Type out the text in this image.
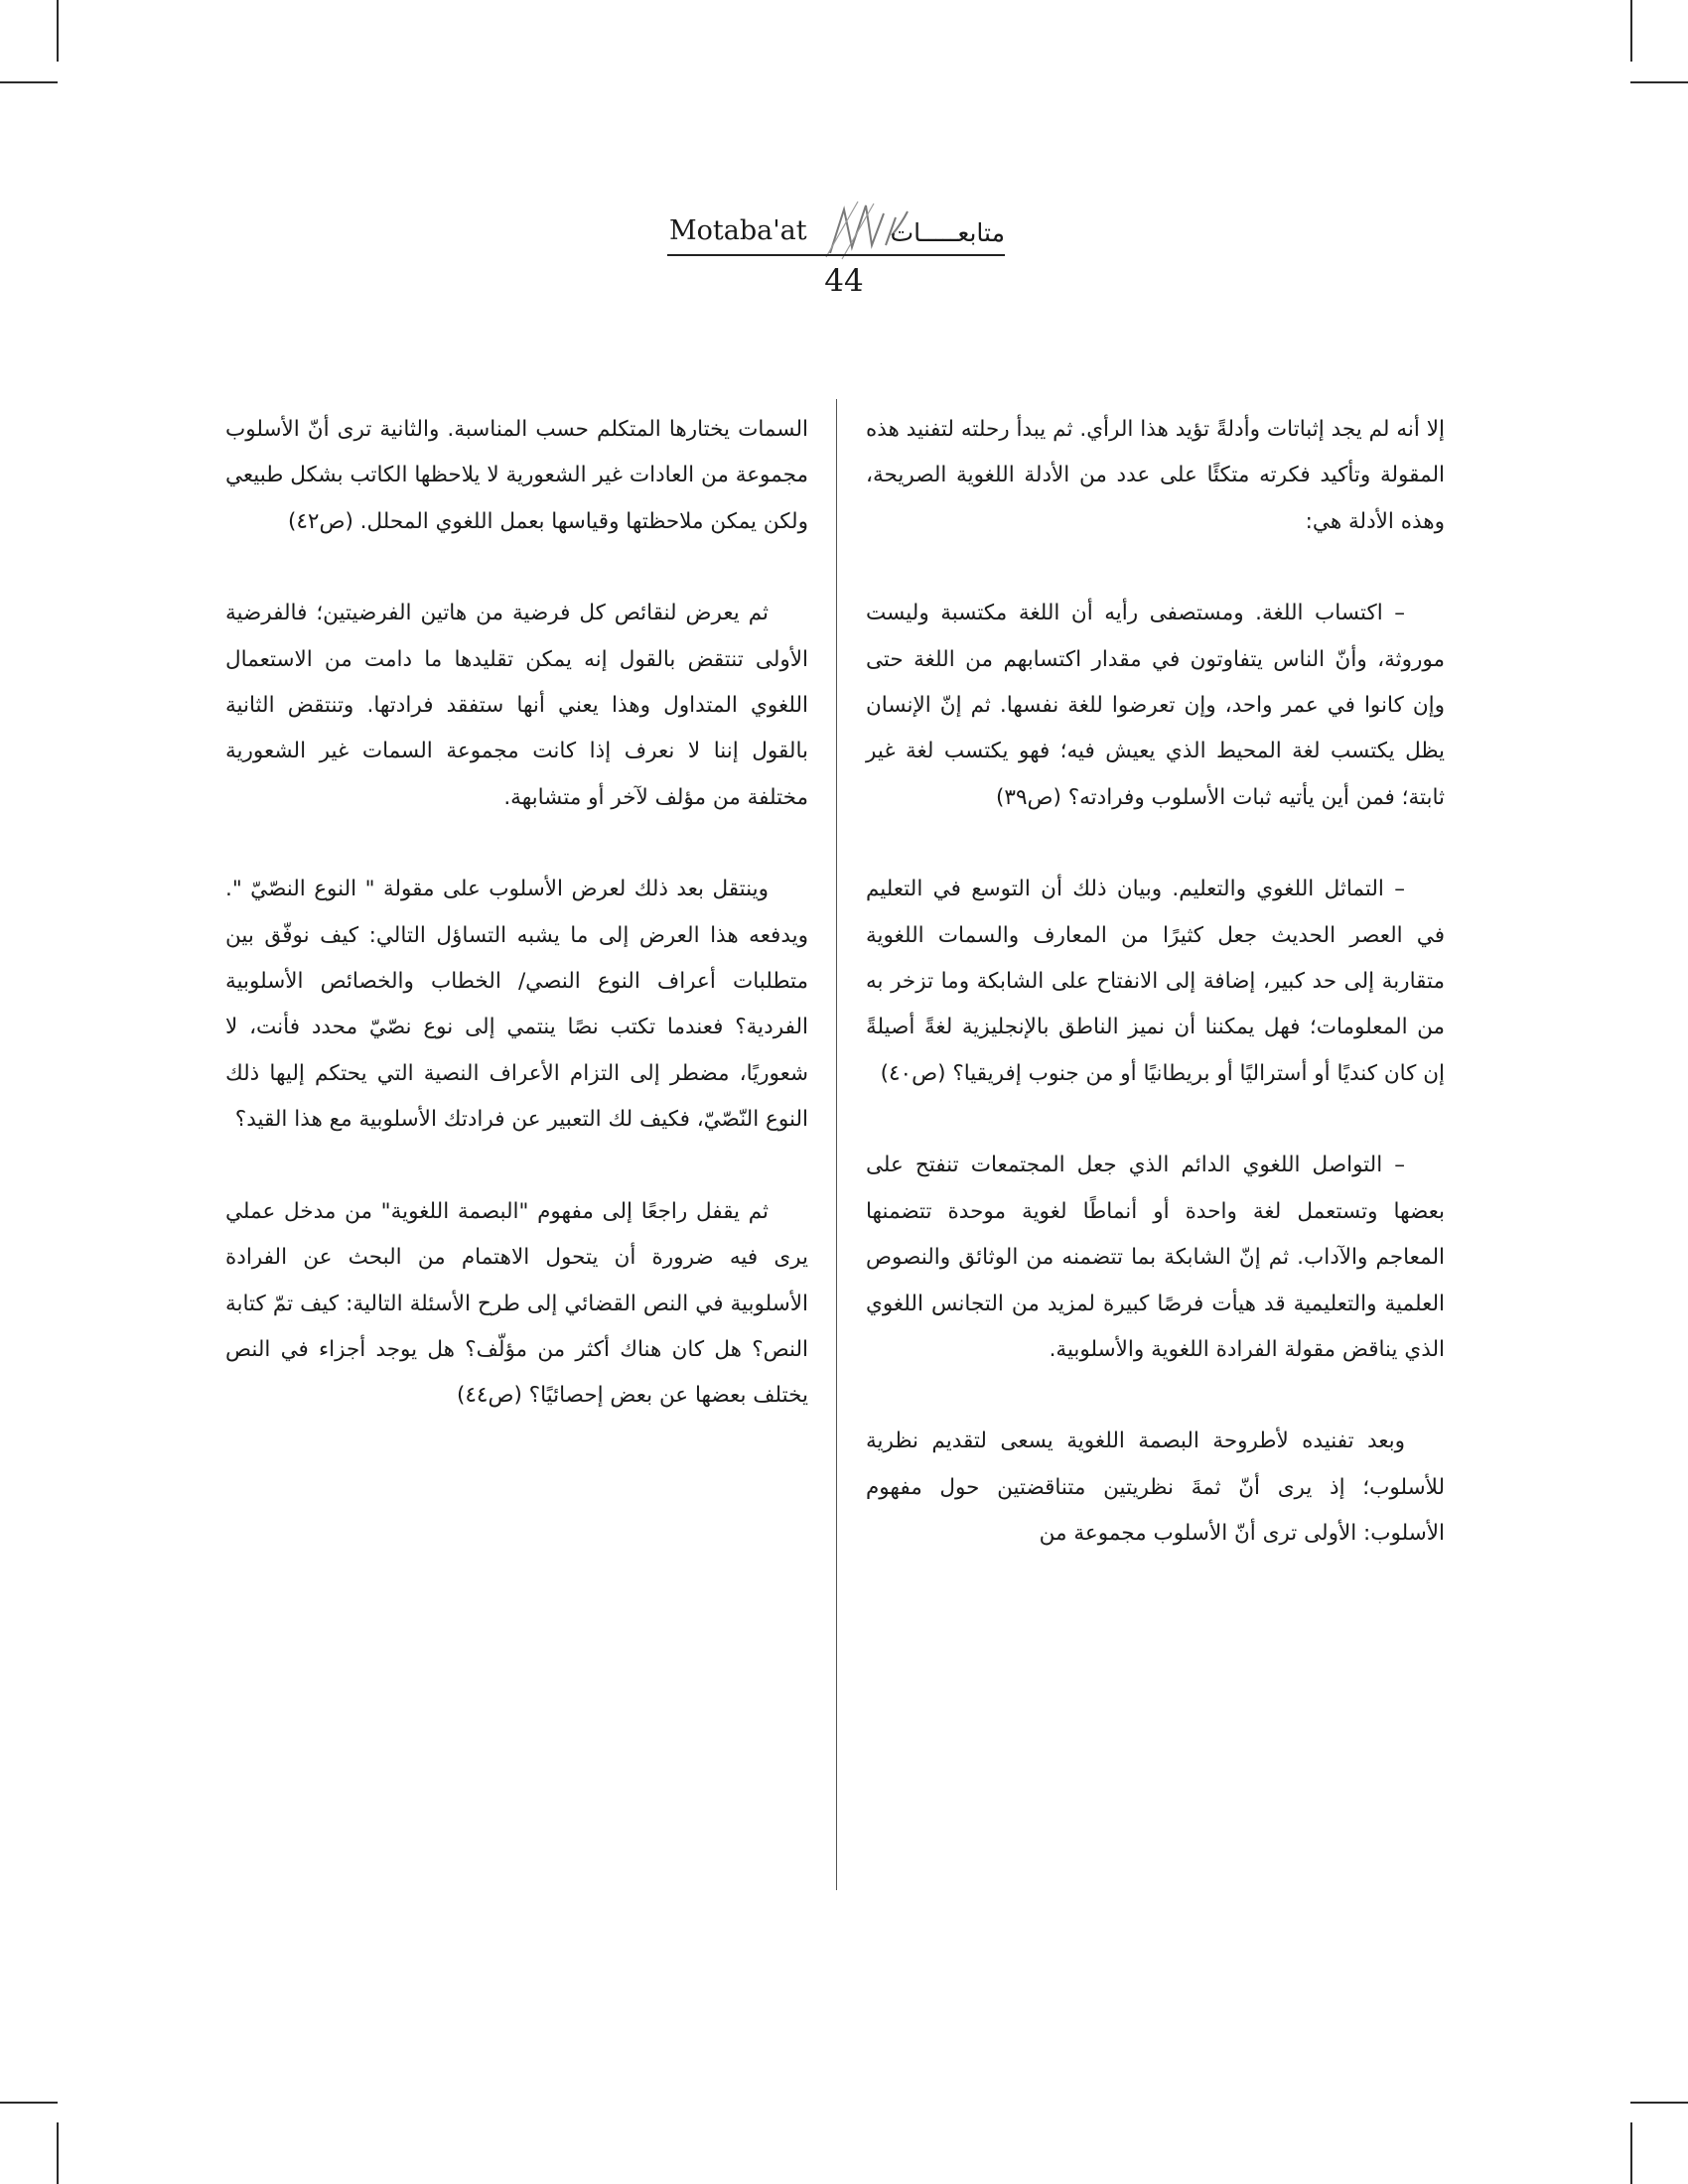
Motaba'at	متابعـــــات
44

إلا أنه لم يجد إثباتات وأدلةً تؤيد هذا الرأي. ثم يبدأ رحلته لتفنيد هذه المقولة وتأكيد فكرته متكئًا على عدد من الأدلة اللغوية الصريحة، وهذه الأدلة هي:

– اكتساب اللغة. ومستصفى رأيه أن اللغة مكتسبة وليست موروثة، وأنّ الناس يتفاوتون في مقدار اكتسابهم من اللغة حتى وإن كانوا في عمر واحد، وإن تعرضوا للغة نفسها. ثم إنّ الإنسان يظل يكتسب لغة المحيط الذي يعيش فيه؛ فهو يكتسب لغة غير ثابتة؛ فمن أين يأتيه ثبات الأسلوب وفرادته؟ (ص٣٩)

– التماثل اللغوي والتعليم. وبيان ذلك أن التوسع في التعليم في العصر الحديث جعل كثيرًا من المعارف والسمات اللغوية متقاربة إلى حد كبير، إضافة إلى الانفتاح على الشابكة وما تزخر به من المعلومات؛ فهل يمكننا أن نميز الناطق بالإنجليزية لغةً أصيلةً إن كان كنديًا أو أستراليًا أو بريطانيًا أو من جنوب إفريقيا؟ (ص٤٠)

– التواصل اللغوي الدائم الذي جعل المجتمعات تنفتح على بعضها وتستعمل لغة واحدة أو أنماطًا لغوية موحدة تتضمنها المعاجم والآداب. ثم إنّ الشابكة بما تتضمنه من الوثائق والنصوص العلمية والتعليمية قد هيأت فرصًا كبيرة لمزيد من التجانس اللغوي الذي يناقض مقولة الفرادة اللغوية والأسلوبية.

وبعد تفنيده لأطروحة البصمة اللغوية يسعى لتقديم نظرية للأسلوب؛ إذ يرى أنّ ثمةَ نظريتين متناقضتين حول مفهوم الأسلوب: الأولى ترى أنّ الأسلوب مجموعة من

السمات يختارها المتكلم حسب المناسبة. والثانية ترى أنّ الأسلوب مجموعة من العادات غير الشعورية لا يلاحظها الكاتب بشكل طبيعي ولكن يمكن ملاحظتها وقياسها بعمل اللغوي المحلل. (ص٤٢)

ثم يعرض لنقائص كل فرضية من هاتين الفرضيتين؛ فالفرضية الأولى تنتقض بالقول إنه يمكن تقليدها ما دامت من الاستعمال اللغوي المتداول وهذا يعني أنها ستفقد فرادتها. وتنتقض الثانية بالقول إننا لا نعرف إذا كانت مجموعة السمات غير الشعورية مختلفة من مؤلف لآخر أو متشابهة.

وينتقل بعد ذلك لعرض الأسلوب على مقولة " النوع النصّيّ ". ويدفعه هذا العرض إلى ما يشبه التساؤل التالي: كيف نوفّق بين متطلبات أعراف النوع النصي/ الخطاب والخصائص الأسلوبية الفردية؟ فعندما تكتب نصًا ينتمي إلى نوع نصّيّ محدد فأنت، لا شعوريًا، مضطر إلى التزام الأعراف النصية التي يحتكم إليها ذلك النوع النّصّيّ، فكيف لك التعبير عن فرادتك الأسلوبية مع هذا القيد؟

ثم يقفل راجعًا إلى مفهوم "البصمة اللغوية" من مدخل عملي يرى فيه ضرورة أن يتحول الاهتمام من البحث عن الفرادة الأسلوبية في النص القضائي إلى طرح الأسئلة التالية: كيف تمّ كتابة النص؟ هل كان هناك أكثر من مؤلّف؟ هل يوجد أجزاء في النص يختلف بعضها عن بعض إحصائيًا؟ (ص٤٤)
